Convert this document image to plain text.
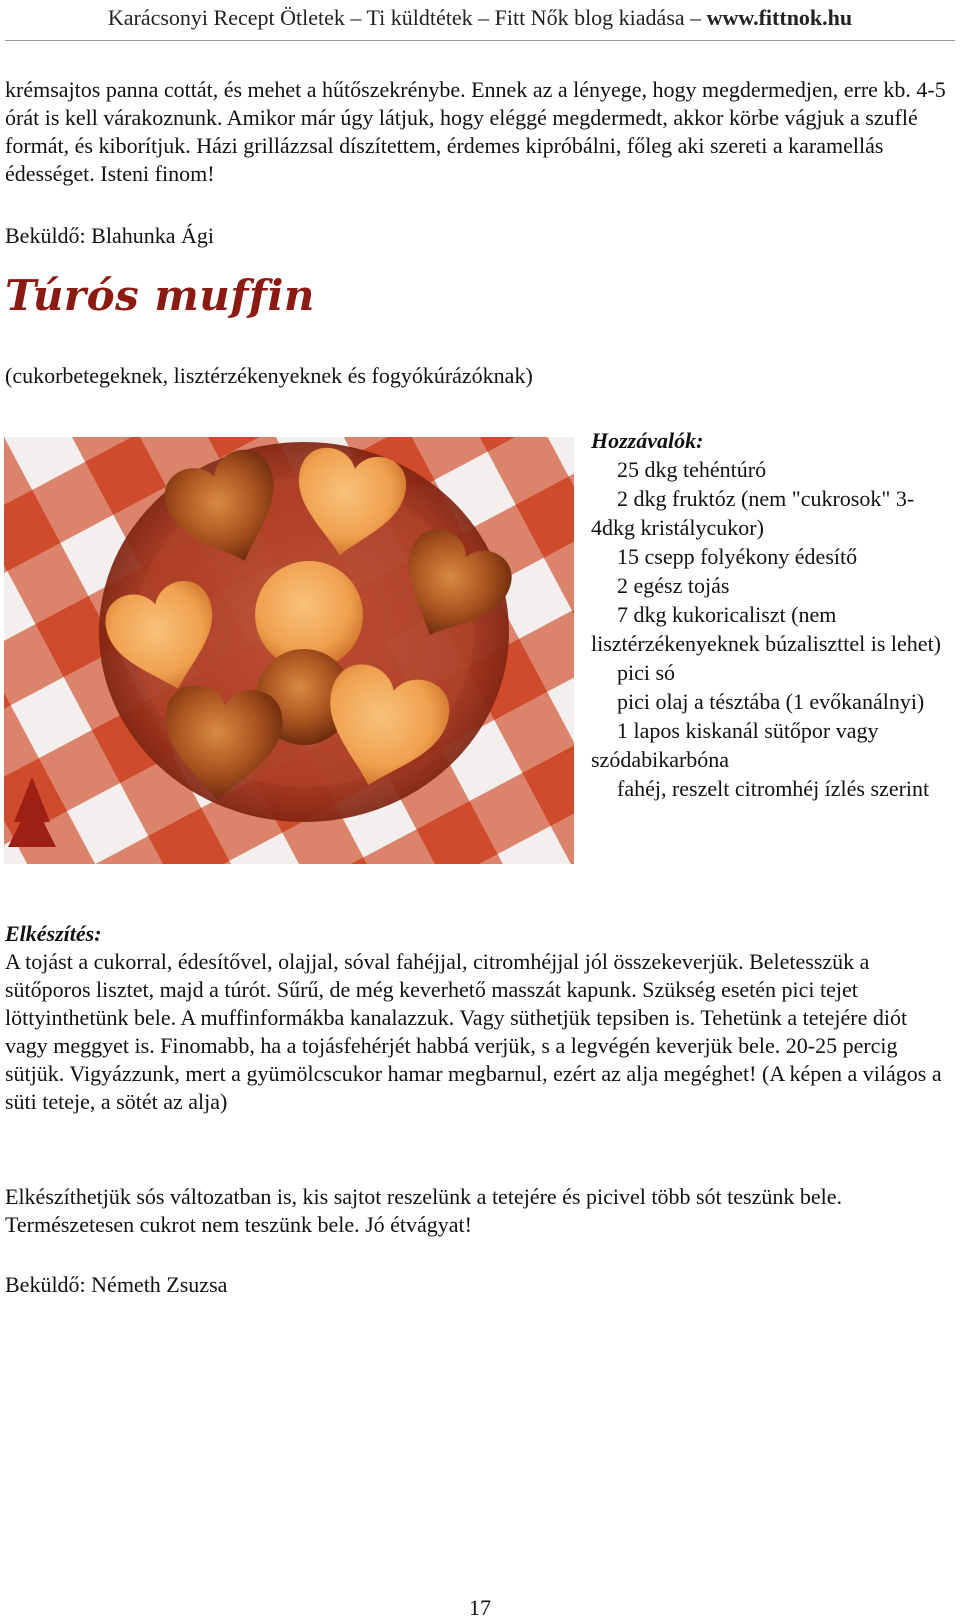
Karácsonyi Recept Ötletek – Ti küldtétek – Fitt Nők blog kiadása – www.fittnok.hu
krémsajtos panna cottát, és mehet a hűtőszekrénybe. Ennek az a lényege, hogy megdermedjen, erre kb. 4-5 órát is kell várakoznunk. Amikor már úgy látjuk, hogy eléggé megdermedt, akkor körbe vágjuk a szuflé formát, és kiborítjuk. Házi grillázzsal díszítettem, érdemes kipróbálni, főleg aki szereti a karamellás édességet. Isteni finom!
Beküldő: Blahunka Ági
Túrós muffin
(cukorbetegeknek, lisztérzékenyeknek és fogyókúrázóknak)
Hozzávalók:
25 dkg tehéntúró
2 dkg fruktóz (nem "cukrosok" 3-4dkg kristálycukor)
15 csepp folyékony édesítő
2 egész tojás
7 dkg kukoricaliszt (nem lisztérzékenyeknek búzaliszttel is lehet)
pici só
pici olaj a tésztába (1 evőkanálnyi)
1 lapos kiskanál sütőpor vagy szódabikarbóna
fahéj, reszelt citromhéj ízlés szerint
Elkészítés:
A tojást a cukorral, édesítővel, olajjal, sóval fahéjjal, citromhéjjal jól összekeverjük. Beletesszük a sütőporos lisztet, majd a túrót. Sűrű, de még keverhető masszát kapunk. Szükség esetén pici tejet löttyinthetünk bele. A muffinformákba kanalazzuk. Vagy süthetjük tepsiben is. Tehetünk a tetejére diót vagy meggyet is. Finomabb, ha a tojásfehérjét habbá verjük, s a legvégén keverjük bele. 20-25 percig sütjük. Vigyázzunk, mert a gyümölcscukor hamar megbarnul, ezért az alja megéghet! (A képen a világos a süti teteje, a sötét az alja)
Elkészíthetjük sós változatban is, kis sajtot reszelünk a tetejére és picivel több sót teszünk bele. Természetesen cukrot nem teszünk bele. Jó étvágyat!
Beküldő: Németh Zsuzsa
17
